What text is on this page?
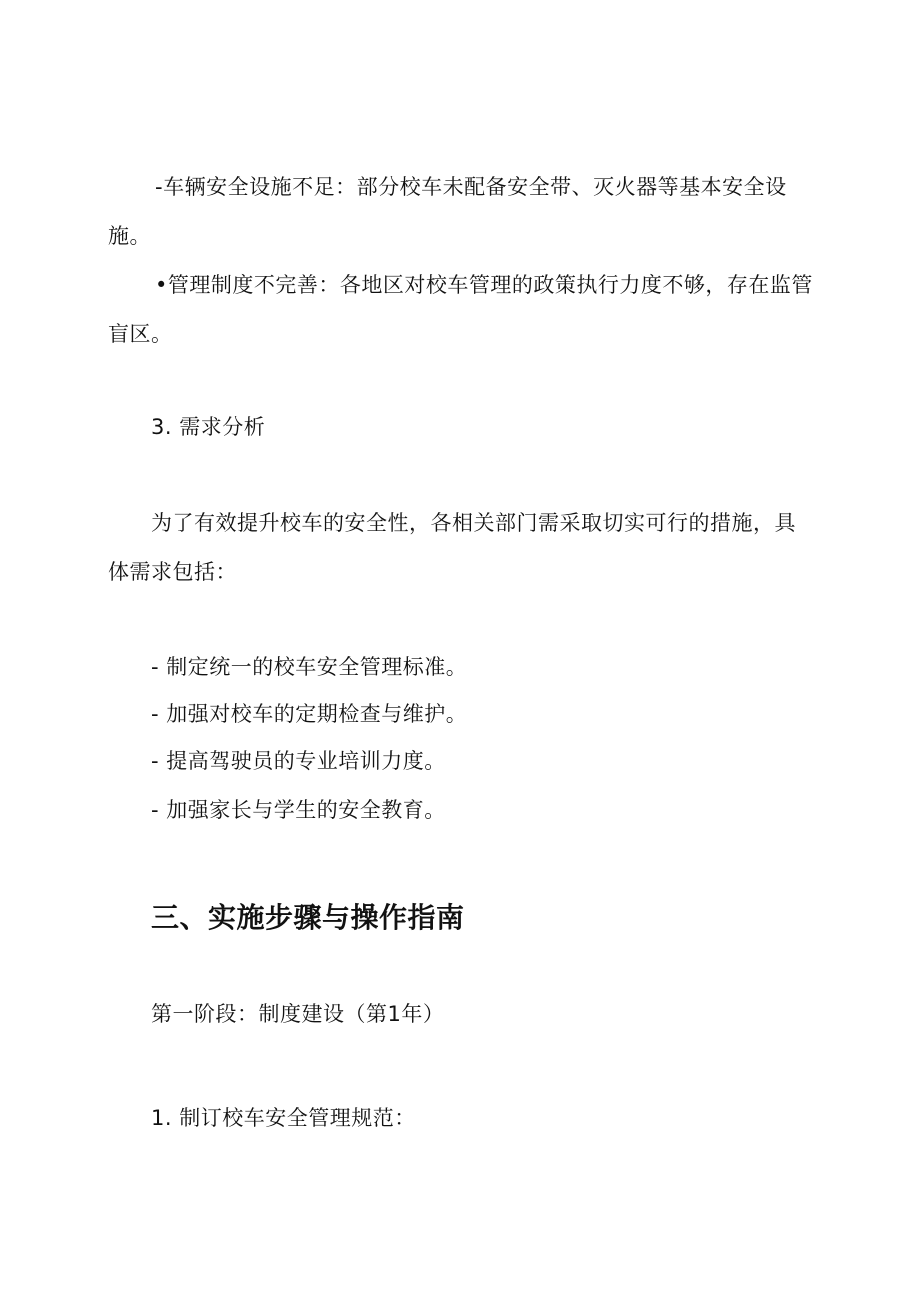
-车辆安全设施不足：部分校车未配备安全带、灭火器等基本安全设
施。
•管理制度不完善：各地区对校车管理的政策执行力度不够，存在监管
盲区。
3. 需求分析
为了有效提升校车的安全性，各相关部门需采取切实可行的措施，具
体需求包括：
- 制定统一的校车安全管理标准。
- 加强对校车的定期检查与维护。
- 提高驾驶员的专业培训力度。
- 加强家长与学生的安全教育。
三、实施步骤与操作指南
第一阶段：制度建设（第1年）
1. 制订校车安全管理规范：
